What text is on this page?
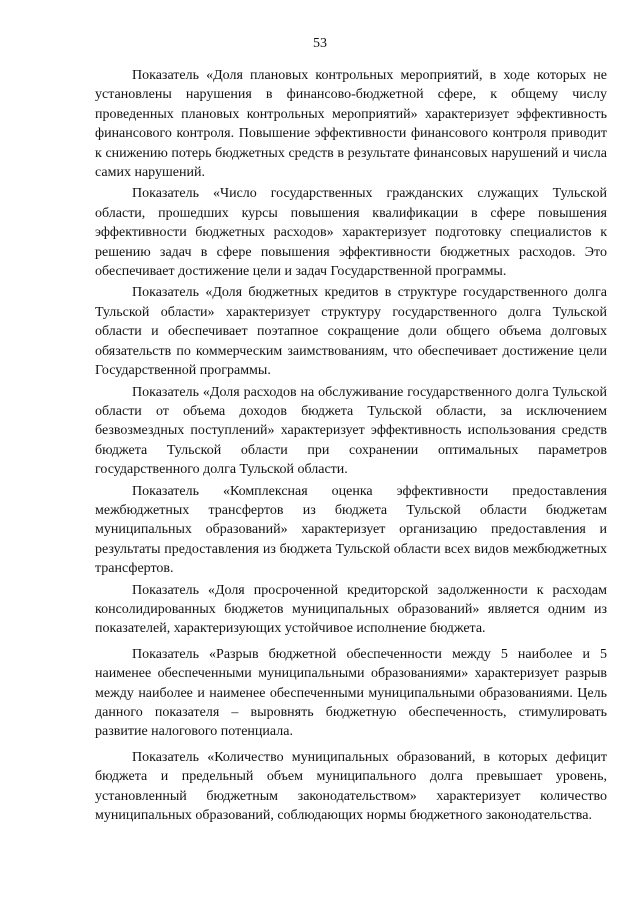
53

Показатель «Доля плановых контрольных мероприятий, в ходе которых не установлены нарушения в финансово-бюджетной сфере, к общему числу проведенных плановых контрольных мероприятий» характеризует эффективность финансового контроля. Повышение эффективности финансового контроля приводит к снижению потерь бюджетных средств в результате финансовых нарушений и числа самих нарушений.

Показатель «Число государственных гражданских служащих Тульской области, прошедших курсы повышения квалификации в сфере повышения эффективности бюджетных расходов» характеризует подготовку специалистов к решению задач в сфере повышения эффективности бюджетных расходов. Это обеспечивает достижение цели и задач Государственной программы.

Показатель «Доля бюджетных кредитов в структуре государственного долга Тульской области» характеризует структуру государственного долга Тульской области и обеспечивает поэтапное сокращение доли общего объема долговых обязательств по коммерческим заимствованиям, что обеспечивает достижение цели Государственной программы.

Показатель «Доля расходов на обслуживание государственного долга Тульской области от объема доходов бюджета Тульской области, за исключением безвозмездных поступлений» характеризует эффективность использования средств бюджета Тульской области при сохранении оптимальных параметров государственного долга Тульской области.

Показатель «Комплексная оценка эффективности предоставления межбюджетных трансфертов из бюджета Тульской области бюджетам муниципальных образований» характеризует организацию предоставления и результаты предоставления из бюджета Тульской области всех видов межбюджетных трансфертов.

Показатель «Доля просроченной кредиторской задолженности к расходам консолидированных бюджетов муниципальных образований» является одним из показателей, характеризующих устойчивое исполнение бюджета.

Показатель «Разрыв бюджетной обеспеченности между 5 наиболее и 5 наименее обеспеченными муниципальными образованиями» характеризует разрыв между наиболее и наименее обеспеченными муниципальными образованиями. Цель данного показателя – выровнять бюджетную обеспеченность, стимулировать развитие налогового потенциала.

Показатель «Количество муниципальных образований, в которых дефицит бюджета и предельный объем муниципального долга превышает уровень, установленный бюджетным законодательством» характеризует количество муниципальных образований, соблюдающих нормы бюджетного законодательства.
